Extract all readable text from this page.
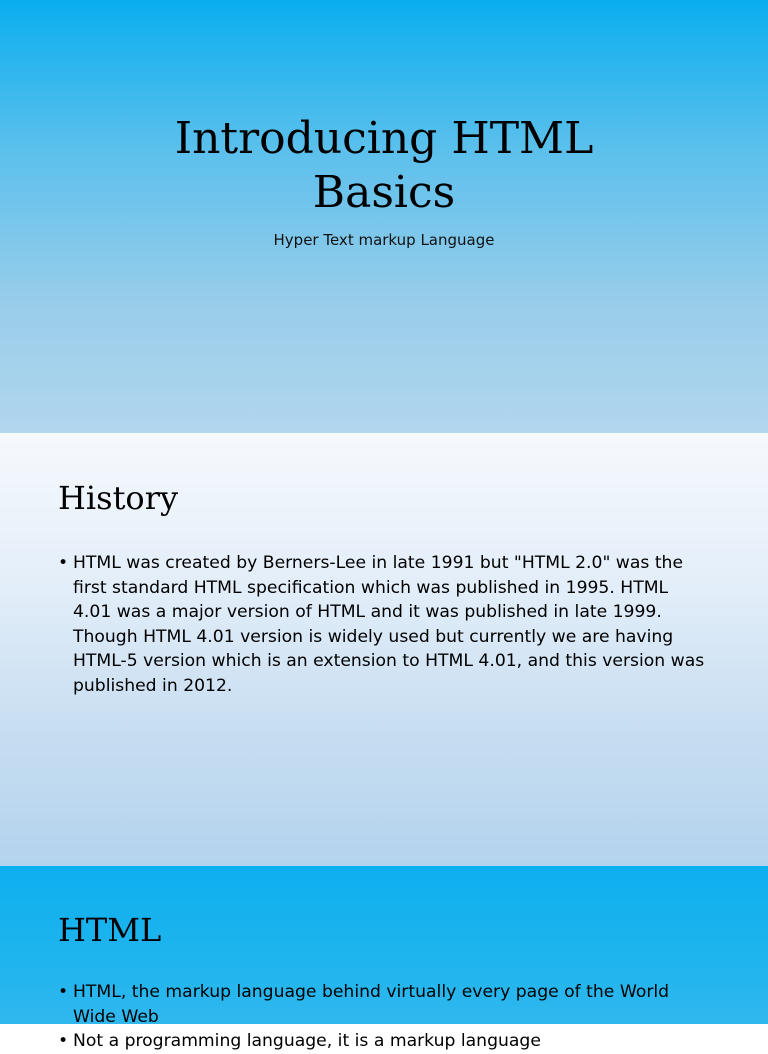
Introducing HTML
Basics
Hyper Text markup Language
History
• HTML was created by Berners-Lee in late 1991 but "HTML 2.0" was the first standard HTML specification which was published in 1995. HTML 4.01 was a major version of HTML and it was published in late 1999. Though HTML 4.01 version is widely used but currently we are having HTML-5 version which is an extension to HTML 4.01, and this version was published in 2012.
HTML
• HTML, the markup language behind virtually every page of the World Wide Web
• Not a programming language, it is a markup language
